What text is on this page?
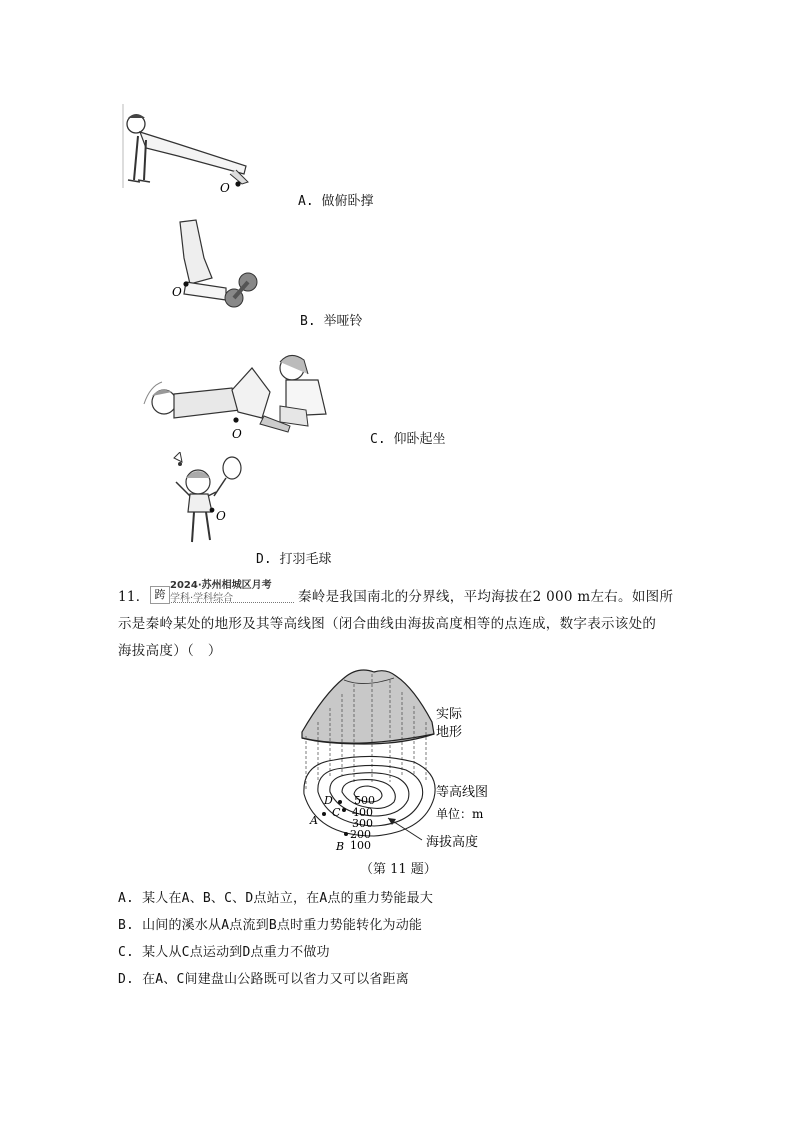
O
A. 做俯卧撑
O
B. 举哑铃
O	C. 仰卧起坐
O
D. 打羽毛球
11． 跨
2024·苏州相城区月考
学科·学科综合	秦岭是我国南北的分界线，平均海拔在2 000 m左右。如图所
示是秦岭某处的地形及其等高线图（闭合曲线由海拔高度相等的点连成，数字表示该处的
海拔高度）（　）
500
400
300
200
100
D
C
A
B
实际
地形
等高线图
单位：m
海拔高度
（第 11 题）
A. 某人在A、B、C、D点站立，在A点的重力势能最大
B. 山间的溪水从A点流到B点时重力势能转化为动能
C. 某人从C点运动到D点重力不做功
D. 在A、C间建盘山公路既可以省力又可以省距离
